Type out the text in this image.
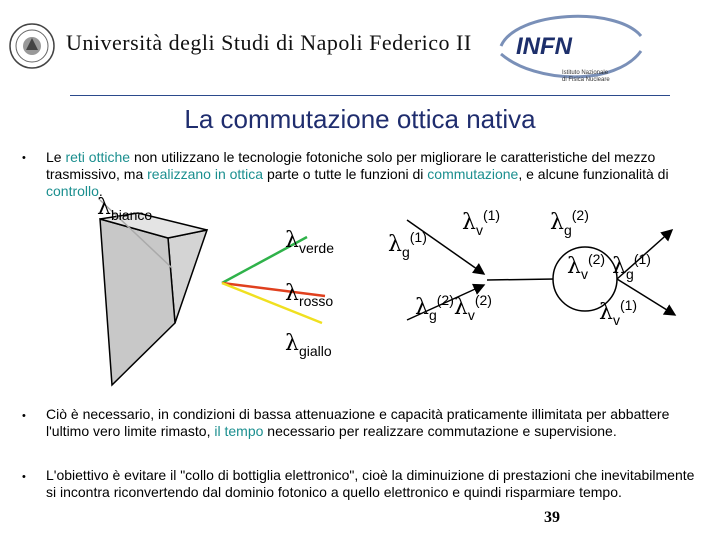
Università degli Studi di Napoli Federico II INFN
Istituto Nazionale
di Fisica Nucleare
La commutazione ottica nativa
• Le reti ottiche non utilizzano le tecnologie fotoniche solo per migliorare le caratteristiche del mezzo trasmissivo, ma realizzano in ottica parte o tutte le funzioni di commutazione, e alcune funzionalità di controllo.
$\lambda_{bianco}$
$\lambda_{verde}$
$\lambda_{rosso}$
$\lambda_{giallo}$
$\lambda_g^{(1)}$
$\lambda_v^{(1)}$ $\lambda_g^{(2)}$
$\lambda_v^{(2)}$ $\lambda_g^{(1)}$
$\lambda_g^{(2)}\lambda_v^{(2)}$	$\lambda_v^{(1)}$
• Ciò è necessario, in condizioni di bassa attenuazione e capacità praticamente illimitata per abbattere l'ultimo vero limite rimasto, il tempo necessario per realizzare commutazione e supervisione.
• L'obiettivo è evitare il "collo di bottiglia elettronico", cioè la diminuizione di prestazioni che inevitabilmente si incontra riconvertendo dal dominio fotonico a quello elettronico e quindi risparmiare tempo.
39
